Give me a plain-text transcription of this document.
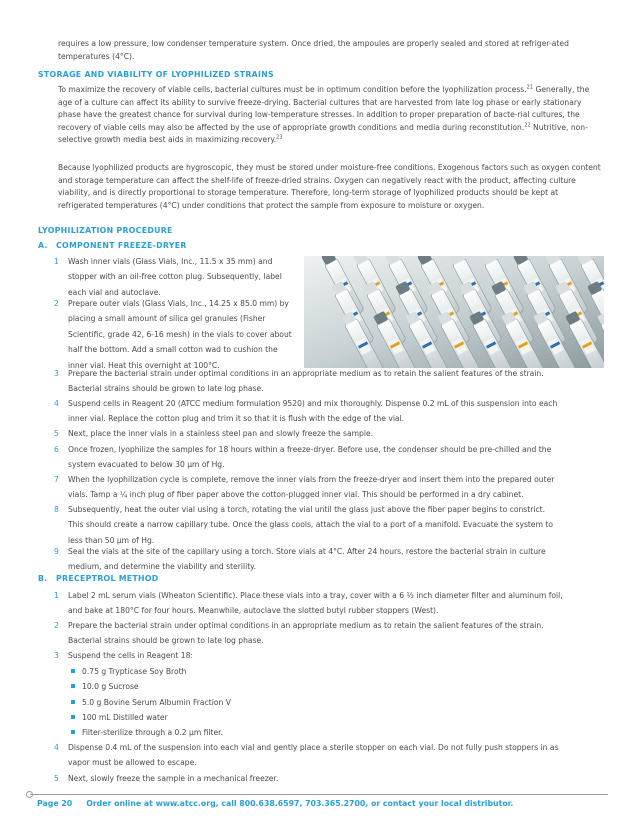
requires a low pressure, low condenser temperature system. Once dried, the ampoules are properly sealed and stored at refriger-ated temperatures (4°C).
STORAGE AND VIABILITY OF LYOPHILIZED STRAINS
To maximize the recovery of viable cells, bacterial cultures must be in optimum condition before the lyophilization process.$^{21}$ Generally, the age of a culture can affect its ability to survive freeze-drying. Bacterial cultures that are harvested from late log phase or early stationary phase have the greatest chance for survival during low-temperature stresses. In addition to proper preparation of bacte-rial cultures, the recovery of viable cells may also be affected by the use of appropriate growth conditions and media during reconstitution.$^{22}$ Nutritive, non-selective growth media best aids in maximizing recovery.$^{23}$
Because lyophilized products are hygroscopic, they must be stored under moisture-free conditions. Exogenous factors such as oxygen content and storage temperature can affect the shelf-life of freeze-dried strains. Oxygen can negatively react with the product, affecting culture viability, and is directly proportional to storage temperature. Therefore, long-term storage of lyophilized products should be kept at refrigerated temperatures (4°C) under conditions that protect the sample from exposure to moisture or oxygen.
LYOPHILIZATION PROCEDURE
A. COMPONENT FREEZE-DRYER
1	Wash inner vials (Glass Vials, Inc., 11.5 x 35 mm) and
stopper with an oil-free cotton plug. Subsequently, label
each vial and autoclave.
2	Prepare outer vials (Glass Vials, Inc., 14.25 x 85.0 mm) by
placing a small amount of silica gel granules (Fisher
Scientific, grade 42, 6-16 mesh) in the vials to cover about
half the bottom. Add a small cotton wad to cushion the
inner vial. Heat this overnight at 100°C.
3	Prepare the bacterial strain under optimal conditions in an appropriate medium as to retain the salient features of the strain.
Bacterial strains should be grown to late log phase.
4	Suspend cells in Reagent 20 (ATCC medium formulation 9520) and mix thoroughly. Dispense 0.2 mL of this suspension into each
inner vial. Replace the cotton plug and trim it so that it is flush with the edge of the vial.
5	Next, place the inner vials in a stainless steel pan and slowly freeze the sample.
6	Once frozen, lyophilize the samples for 18 hours within a freeze-dryer. Before use, the condenser should be pre-chilled and the
system evacuated to below 30 µm of Hg.
7	When the lyophilization cycle is complete, remove the inner vials from the freeze-dryer and insert them into the prepared outer
vials. Tamp a ¼ inch plug of fiber paper above the cotton-plugged inner vial. This should be performed in a dry cabinet.
8	Subsequently, heat the outer vial using a torch, rotating the vial until the glass just above the fiber paper begins to constrict.
This should create a narrow capillary tube. Once the glass cools, attach the vial to a port of a manifold. Evacuate the system to
less than 50 µm of Hg.
9	Seal the vials at the site of the capillary using a torch. Store vials at 4°C. After 24 hours, restore the bacterial strain in culture
medium, and determine the viability and sterility.
B. PRECEPTROL METHOD
1	Label 2 mL serum vials (Wheaton Scientific). Place these vials into a tray, cover with a 6 ½ inch diameter filter and aluminum foil,
and bake at 180°C for four hours. Meanwhile, autoclave the slotted butyl rubber stoppers (West).
2	Prepare the bacterial strain under optimal conditions in an appropriate medium as to retain the salient features of the strain.
Bacterial strains should be grown to late log phase.
3	Suspend the cells in Reagent 18:
4	Dispense 0.4 mL of the suspension into each vial and gently place a sterile stopper on each vial. Do not fully push stoppers in as
vapor must be allowed to escape.
5	Next, slowly freeze the sample in a mechanical freezer.
0.75 g Trypticase Soy Broth
10.0 g Sucrose
5.0 g Bovine Serum Albumin Fraction V
100 mL Distilled water
Filter-sterilize through a 0.2 µm filter.
Page 20 Order online at www.atcc.org, call 800.638.6597, 703.365.2700, or contact your local distributor.
